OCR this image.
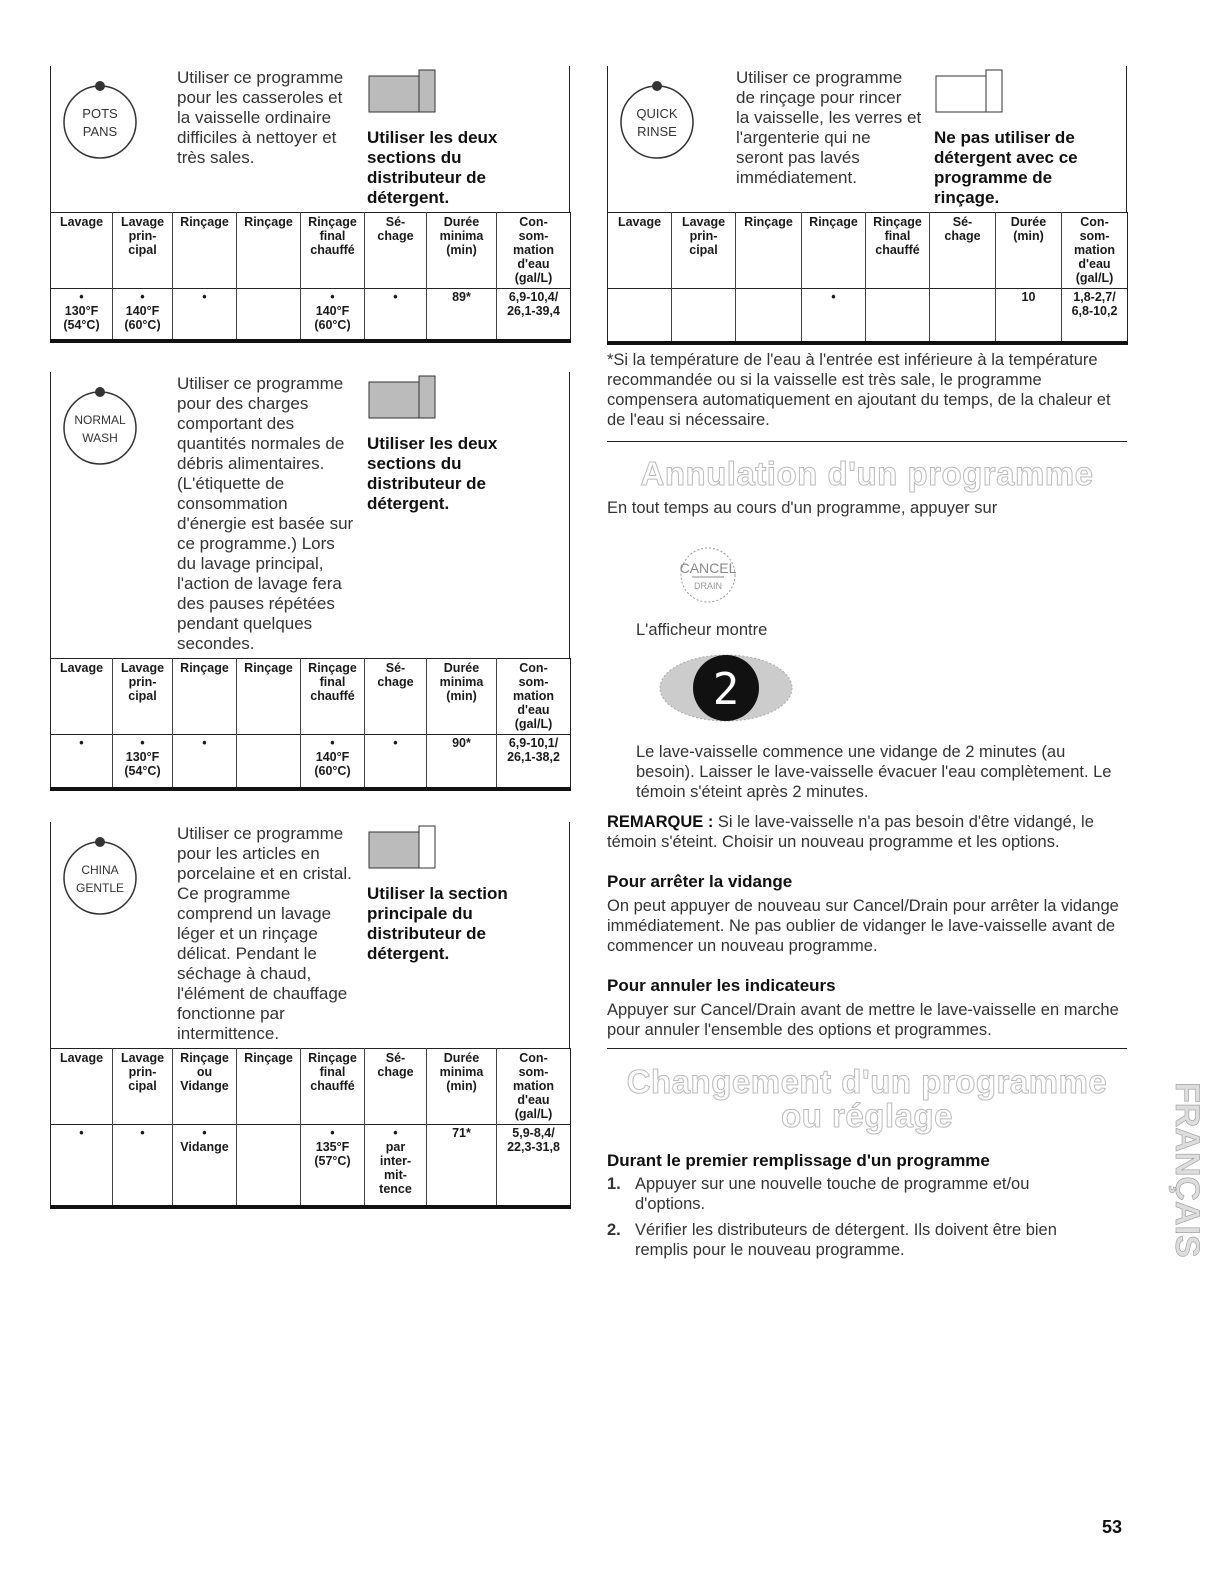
POTS
PANS
Utiliser ce programme
pour les casseroles et
la vaisselle ordinaire
difficiles à nettoyer et
très sales.
Utiliser les deux
sections du
distributeur de
détergent.
Lavage	Lavage
prin-
cipal	Rinçage	Rinçage	Rinçage
final
chauffé	Sé-
chage	Durée
minima
(min)	Con-
som-
mation
d'eau
(gal/L)
•
130°F
(54°C)	•
140°F
(60°C)	•		•
140°F
(60°C)	•	89*	6,9-10,4/
26,1-39,4
NORMAL
WASH
Utiliser ce programme
pour des charges
comportant des
quantités normales de
débris alimentaires.
(L'étiquette de
consommation
d'énergie est basée sur
ce programme.) Lors
du lavage principal,
l'action de lavage fera
des pauses répétées
pendant quelques
secondes.
Utiliser les deux
sections du
distributeur de
détergent.
Lavage	Lavage
prin-
cipal	Rinçage	Rinçage	Rinçage
final
chauffé	Sé-
chage	Durée
minima
(min)	Con-
som-
mation
d'eau
(gal/L)
•	•
130°F
(54°C)	•		•
140°F
(60°C)	•	90*	6,9-10,1/
26,1-38,2
CHINA
GENTLE
Utiliser ce programme
pour les articles en
porcelaine et en cristal.
Ce programme
comprend un lavage
léger et un rinçage
délicat. Pendant le
séchage à chaud,
l'élément de chauffage
fonctionne par
intermittence.
Utiliser la section
principale du
distributeur de
détergent.
Lavage	Lavage
prin-
cipal	Rinçage
ou
Vidange	Rinçage	Rinçage
final
chauffé	Sé-
chage	Durée
minima
(min)	Con-
som-
mation
d'eau
(gal/L)
•	•	•
Vidange		•
135°F
(57°C)	•
par
inter-
mit-
tence	71*	5,9-8,4/
22,3-31,8
QUICK
RINSE
Utiliser ce programme
de rinçage pour rincer
la vaisselle, les verres et
l'argenterie qui ne
seront pas lavés
immédiatement.
Ne pas utiliser de
détergent avec ce
programme de
rinçage.
Lavage	Lavage
prin-
cipal	Rinçage	Rinçage	Rinçage
final
chauffé	Sé-
chage	Durée
(min)	Con-
som-
mation
d'eau
(gal/L)
			•			10	1,8-2,7/
6,8-10,2
*Si la température de l'eau à l'entrée est inférieure à la température recommandée ou si la vaisselle est très sale, le programme compensera automatiquement en ajoutant du temps, de la chaleur et de l'eau si nécessaire.
Annulation d'un programme
En tout temps au cours d'un programme, appuyer sur
CANCEL
DRAIN
L'afficheur montre
2
Le lave-vaisselle commence une vidange de 2 minutes (au besoin). Laisser le lave-vaisselle évacuer l'eau complètement. Le témoin s'éteint après 2 minutes.
REMARQUE : Si le lave-vaisselle n'a pas besoin d'être vidangé, le témoin s'éteint. Choisir un nouveau programme et les options.
Pour arrêter la vidange
On peut appuyer de nouveau sur Cancel/Drain pour arrêter la vidange immédiatement. Ne pas oublier de vidanger le lave-vaisselle avant de commencer un nouveau programme.
Pour annuler les indicateurs
Appuyer sur Cancel/Drain avant de mettre le lave-vaisselle en marche pour annuler l'ensemble des options et programmes.
Changement d'un programme
ou réglage
Durant le premier remplissage d'un programme
1. Appuyer sur une nouvelle touche de programme et/ou d'options.
2. Vérifier les distributeurs de détergent. Ils doivent être bien remplis pour le nouveau programme.	FRANÇAIS
53
